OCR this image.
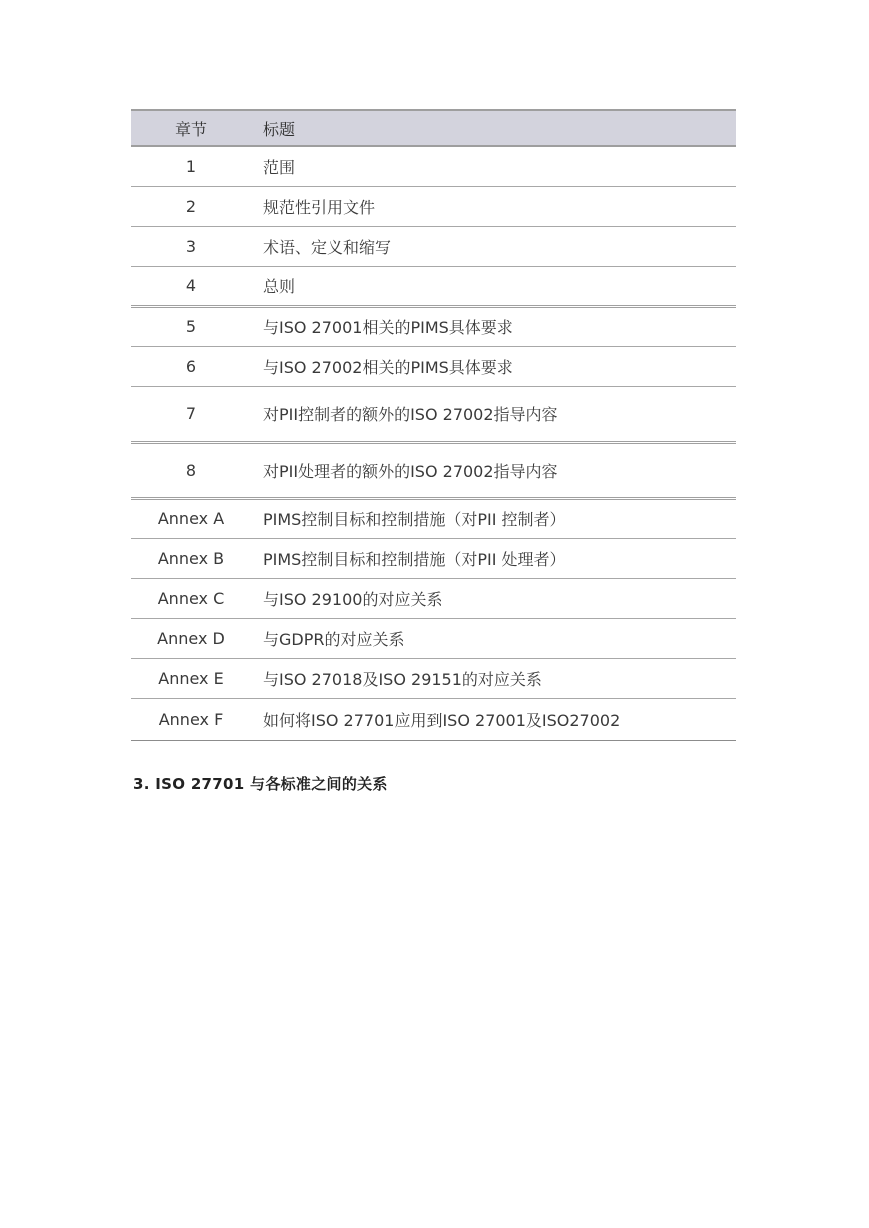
章节	标题
1	范围
2	规范性引用文件
3	术语、定义和缩写
4	总则
5	与ISO 27001相关的PIMS具体要求
6	与ISO 27002相关的PIMS具体要求
7	对PII控制者的额外的ISO 27002指导内容
8	对PII处理者的额外的ISO 27002指导内容
Annex A	PIMS控制目标和控制措施（对PII 控制者）
Annex B	PIMS控制目标和控制措施（对PII 处理者）
Annex C	与ISO 29100的对应关系
Annex D	与GDPR的对应关系
Annex E	与ISO 27018及ISO 29151的对应关系
Annex F	如何将ISO 27701应用到ISO 27001及ISO27002
3. ISO 27701 与各标准之间的关系
